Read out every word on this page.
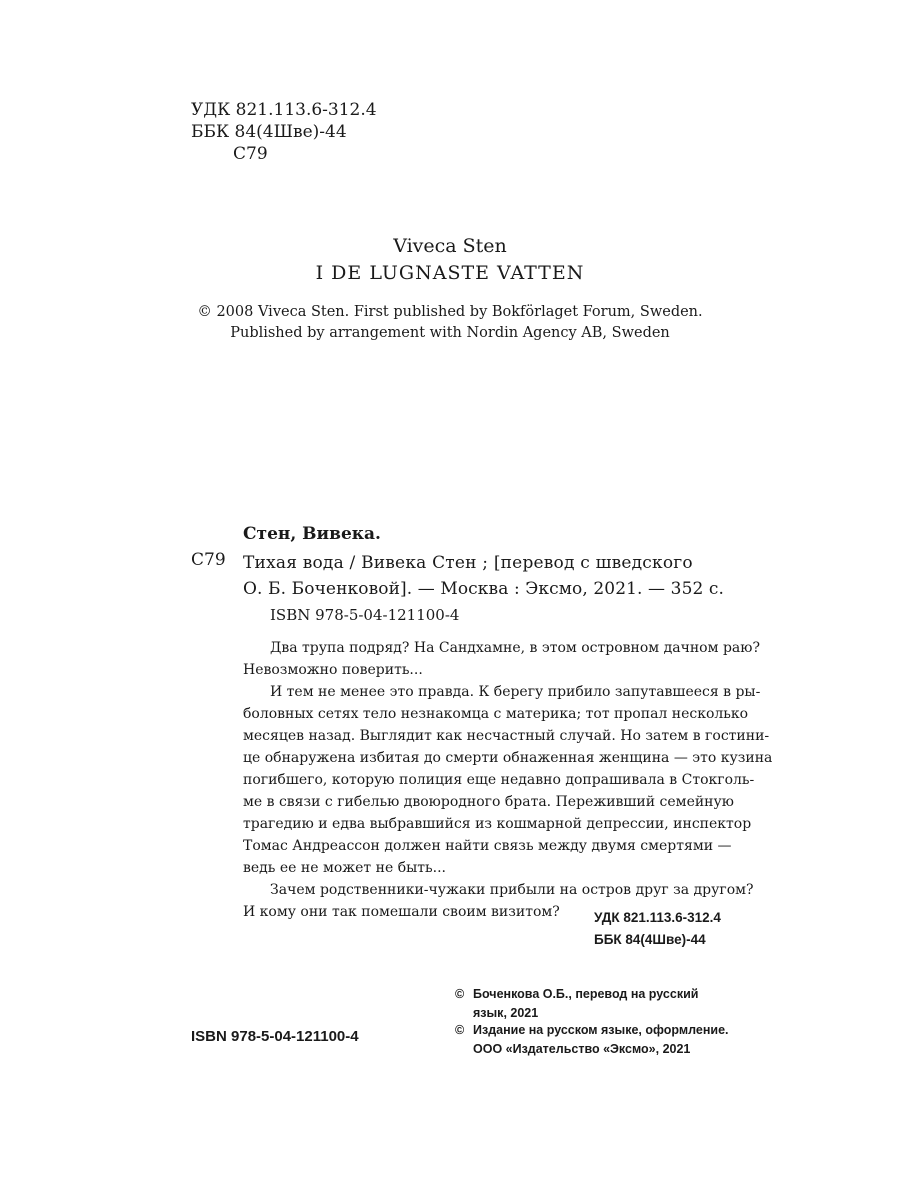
УДК 821.113.6-312.4
ББК 84(4Шве)-44
С79
Viveca Sten
I DE LUGNASTE VATTEN
© 2008 Viveca Sten. First published by Bokförlaget Forum, Sweden.
Published by arrangement with Nordin Agency AB, Sweden
Стен, Вивека.
С79 Тихая вода / Вивека Стен ; [перевод с шведского
О. Б. Боченковой]. — Москва : Эксмо, 2021. — 352 с.
ISBN 978-5-04-121100-4
Два трупа подряд? На Сандхамне, в этом островном дачном раю?
Невозможно поверить...
И тем не менее это правда. К берегу прибило запутавшееся в ры-
боловных сетях тело незнакомца с материка; тот пропал несколько
месяцев назад. Выглядит как несчастный случай. Но затем в гостини-
це обнаружена избитая до смерти обнаженная женщина — это кузина
погибшего, которую полиция еще недавно допрашивала в Стокголь-
ме в связи с гибелью двоюродного брата. Переживший семейную
трагедию и едва выбравшийся из кошмарной депрессии, инспектор
Томас Андреассон должен найти связь между двумя смертями —
ведь ее не может не быть...
Зачем родственники-чужаки прибыли на остров друг за другом?
И кому они так помешали своим визитом?	УДК 821.113.6-312.4
ББК 84(4Шве)-44
ISBN 978-5-04-121100-4
© Боченкова О.Б., перевод на русский
язык, 2021
© Издание на русском языке, оформление.
ООО «Издательство «Эксмо», 2021
